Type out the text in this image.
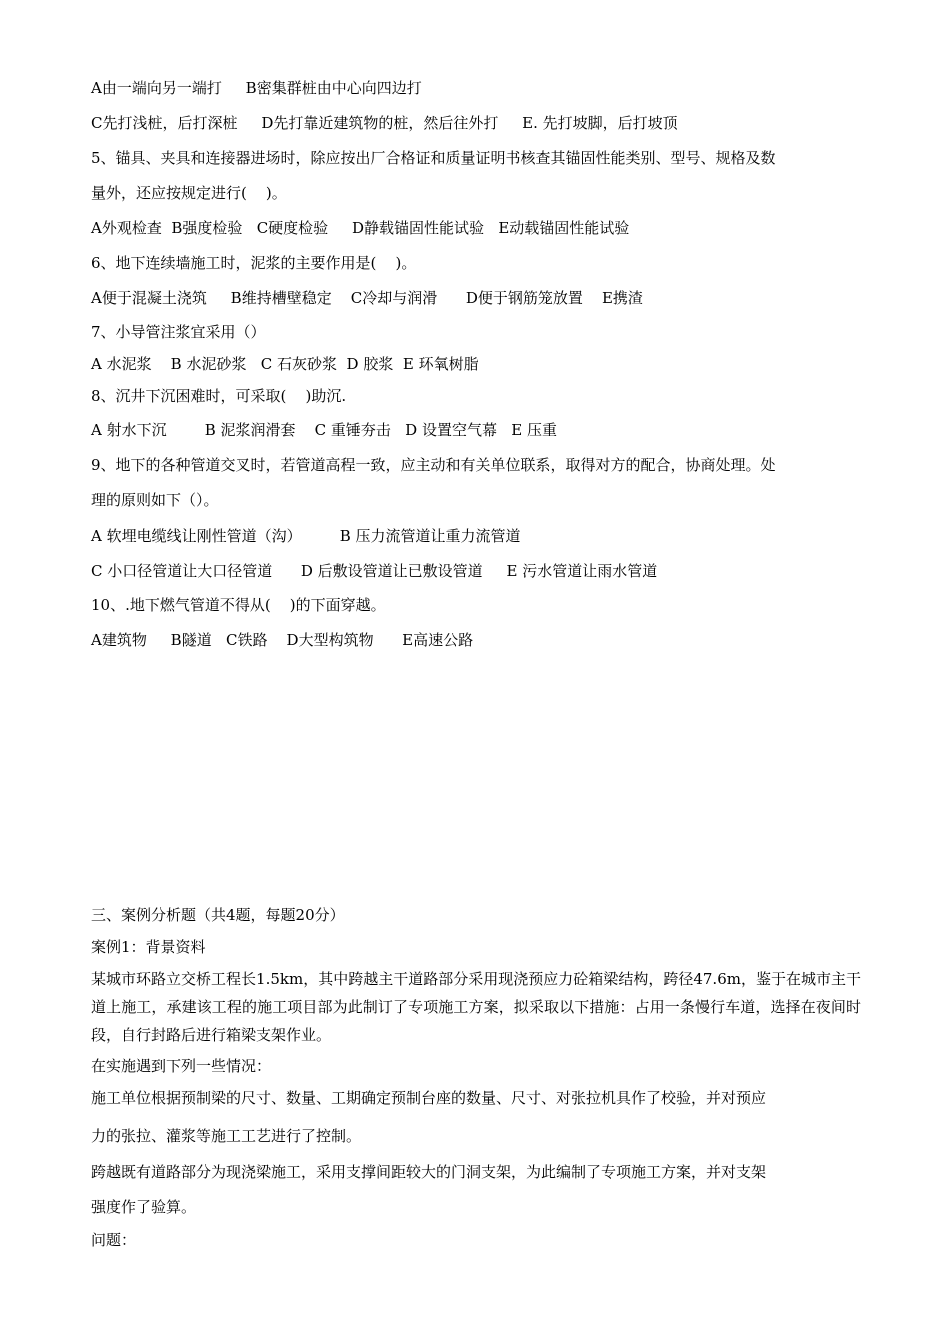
A由一端向另一端打     B密集群桩由中心向四边打
C先打浅桩，后打深桩     D先打靠近建筑物的桩，然后往外打     E. 先打坡脚，后打坡顶
5、锚具、夹具和连接器进场时，除应按出厂合格证和质量证明书核查其锚固性能类别、型号、规格及数
量外，还应按规定进行(    )。
A外观检查  B强度检验   C硬度检验     D静载锚固性能试验   E动载锚固性能试验
6、地下连续墙施工时，泥浆的主要作用是(    )。
A便于混凝土浇筑     B维持槽壁稳定    C冷却与润滑      D便于钢筋笼放置    E携渣
7、小导管注浆宜采用（）
A 水泥浆    B 水泥砂浆   C 石灰砂浆  D 胶浆  E 环氧树脂
8、沉井下沉困难时，可采取(    )助沉.
A 射水下沉        B 泥浆润滑套    C 重锤夯击   D 设置空气幕   E 压重
9、地下的各种管道交叉时，若管道高程一致，应主动和有关单位联系，取得对方的配合，协商处理。处
理的原则如下（）。
A 软埋电缆线让刚性管道（沟）        B 压力流管道让重力流管道
C 小口径管道让大口径管道      D 后敷设管道让已敷设管道     E 污水管道让雨水管道
10、.地下燃气管道不得从(    )的下面穿越。
A建筑物     B隧道   C铁路    D大型构筑物      E高速公路
三、案例分析题（共4题，每题20分）
案例1：背景资料
某城市环路立交桥工程长1.5km，其中跨越主干道路部分采用现浇预应力砼箱梁结构，跨径47.6m，鉴于在城市主干道上施工，承建该工程的施工项目部为此制订了专项施工方案，拟采取以下措施：占用一条慢行车道，选择在夜间时段，自行封路后进行箱梁支架作业。
在实施遇到下列一些情况：
施工单位根据预制梁的尺寸、数量、工期确定预制台座的数量、尺寸、对张拉机具作了校验，并对预应
力的张拉、灌浆等施工工艺进行了控制。
跨越既有道路部分为现浇梁施工，采用支撑间距较大的门洞支架，为此编制了专项施工方案，并对支架
强度作了验算。
问题：
